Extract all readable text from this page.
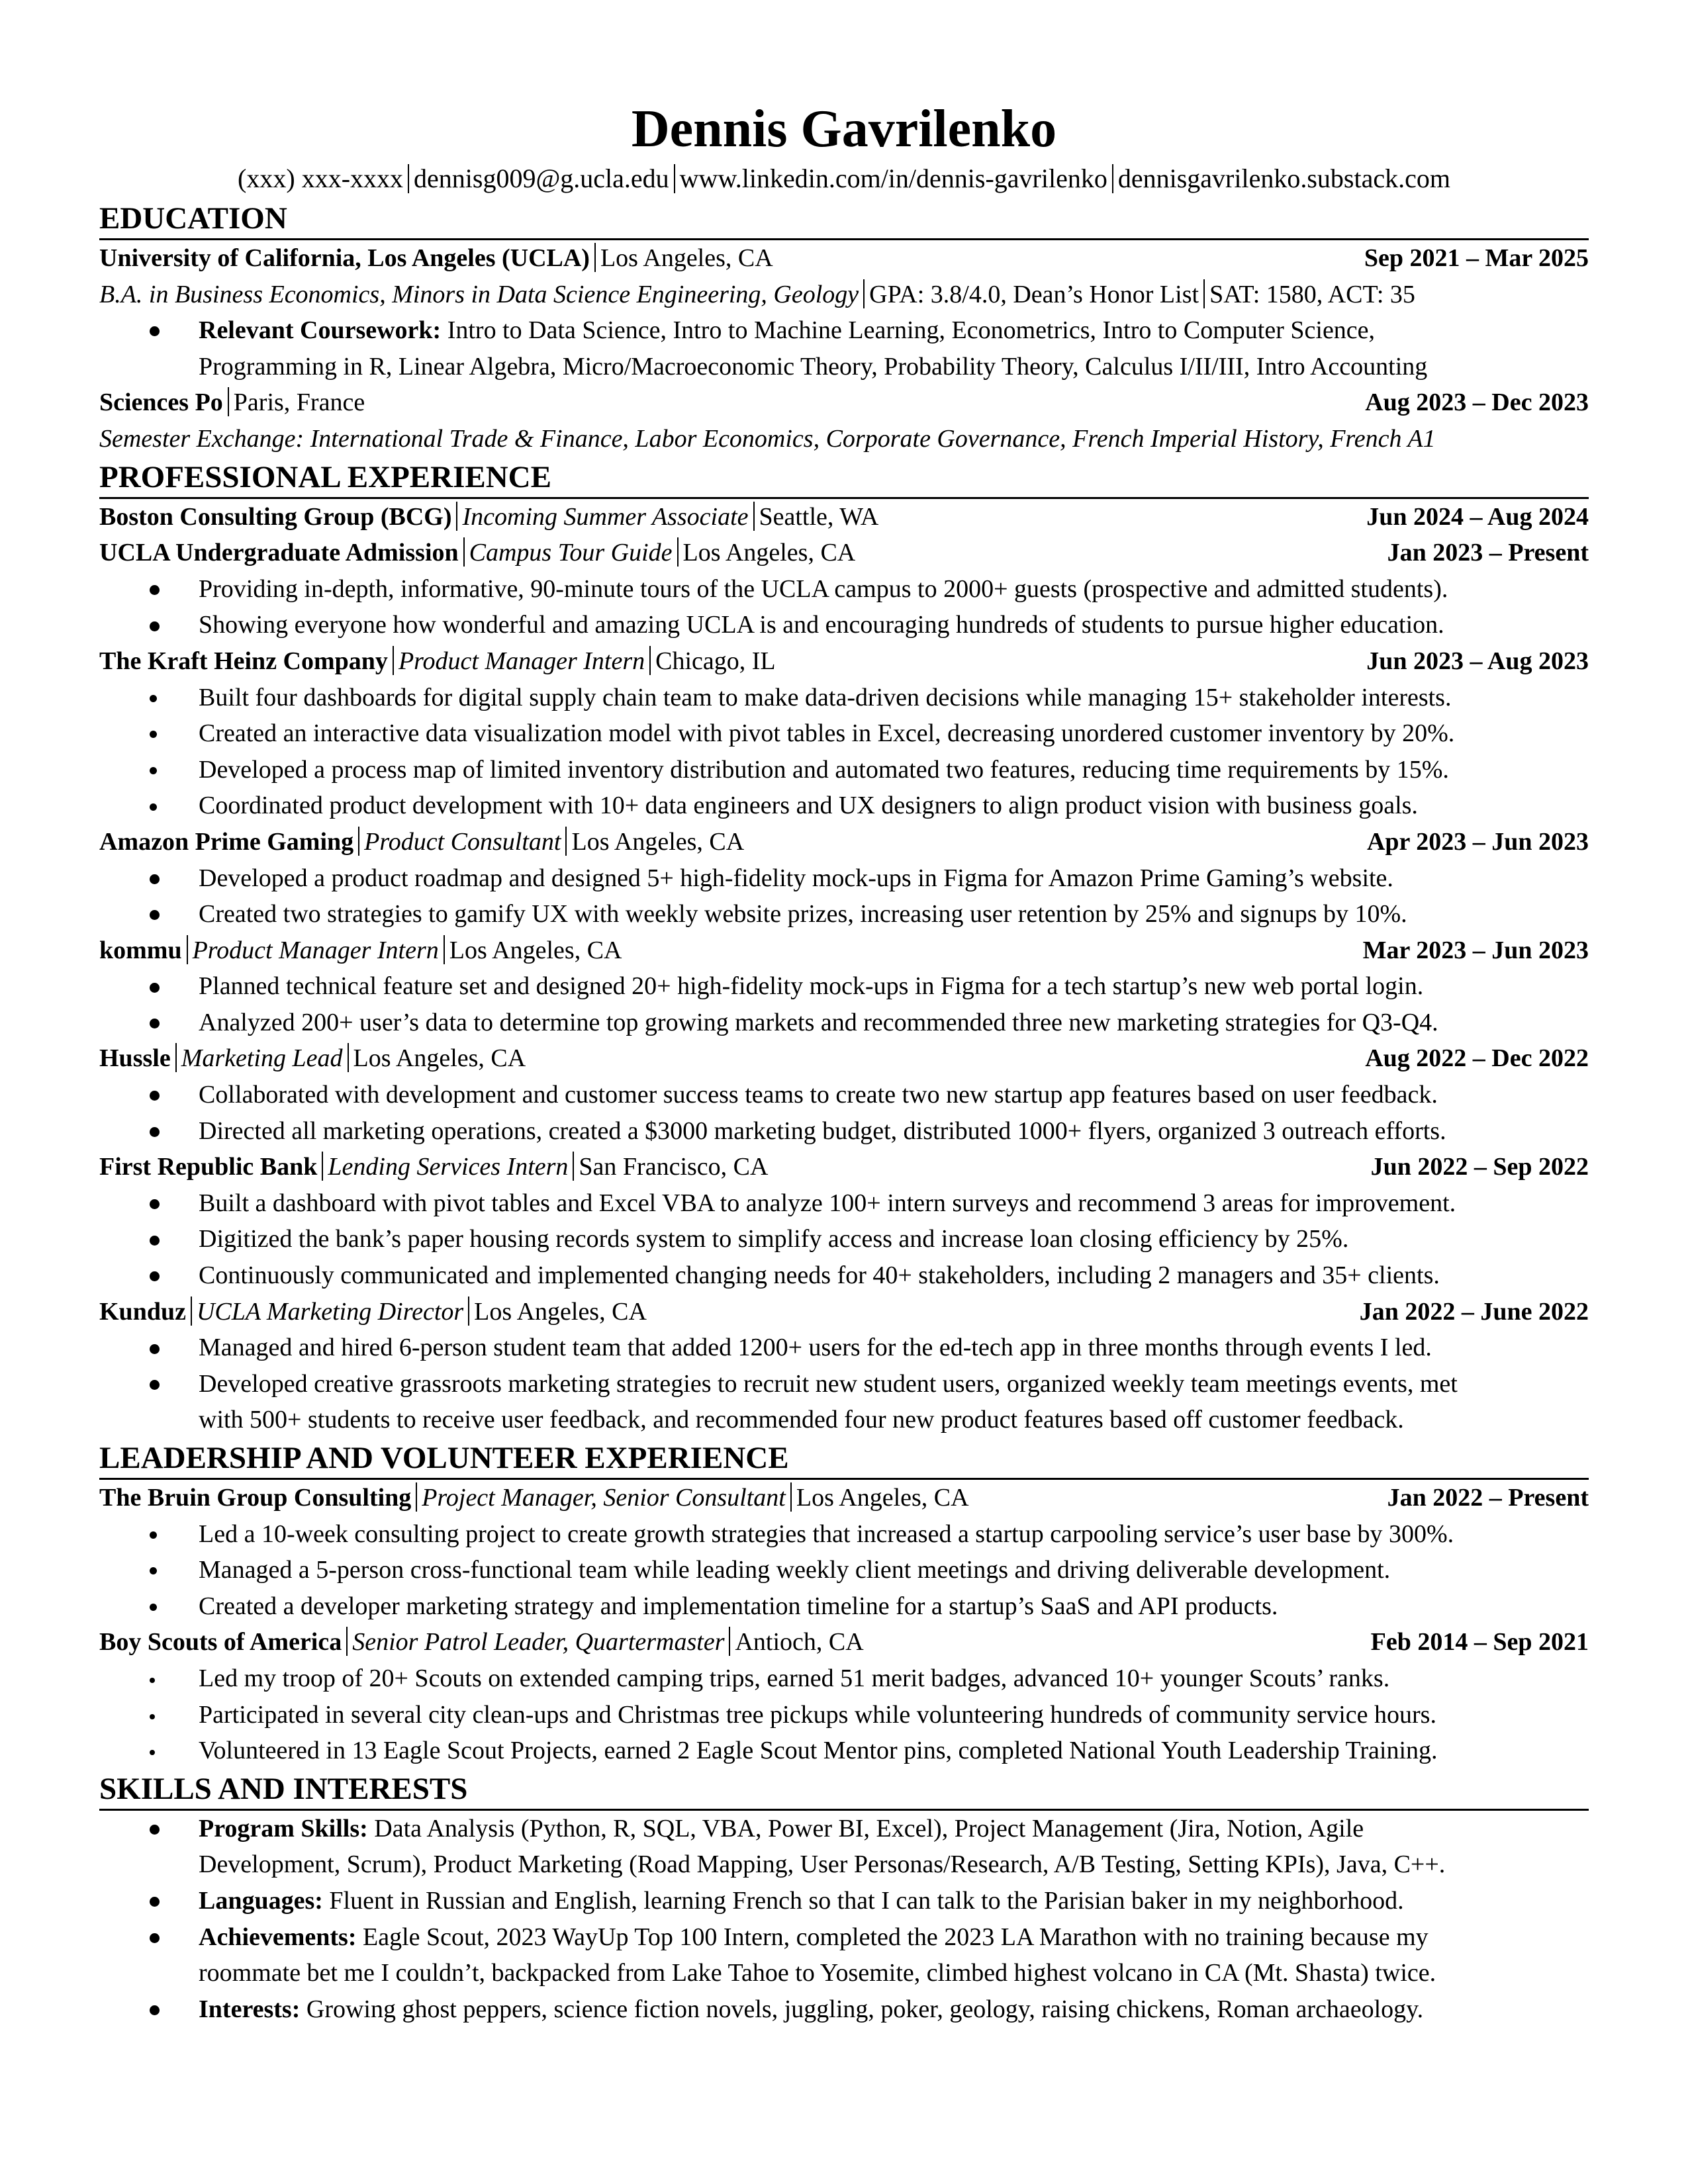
Dennis Gavrilenko
(xxx) xxx-xxxx dennisg009@g.ucla.edu www.linkedin.com/in/dennis-gavrilenko dennisgavrilenko.substack.com
EDUCATION
University of California, Los Angeles (UCLA) Los Angeles, CA	Sep 2021 – Mar 2025
B.A. in Business Economics, Minors in Data Science Engineering, Geology GPA: 3.8/4.0, Dean’s Honor List SAT: 1580, ACT: 35
Relevant Coursework: Intro to Data Science, Intro to Machine Learning, Econometrics, Intro to Computer Science,
Programming in R, Linear Algebra, Micro/Macroeconomic Theory, Probability Theory, Calculus I/II/III, Intro Accounting
Sciences Po Paris, France	Aug 2023 – Dec 2023
Semester Exchange: International Trade & Finance, Labor Economics, Corporate Governance, French Imperial History, French A1
PROFESSIONAL EXPERIENCE
Boston Consulting Group (BCG) Incoming Summer Associate Seattle, WA	Jun 2024 – Aug 2024
UCLA Undergraduate Admission Campus Tour Guide Los Angeles, CA	Jan 2023 – Present
Providing in-depth, informative, 90-minute tours of the UCLA campus to 2000+ guests (prospective and admitted students).
Showing everyone how wonderful and amazing UCLA is and encouraging hundreds of students to pursue higher education.
The Kraft Heinz Company Product Manager Intern Chicago, IL	Jun 2023 – Aug 2023
Built four dashboards for digital supply chain team to make data-driven decisions while managing 15+ stakeholder interests.
Created an interactive data visualization model with pivot tables in Excel, decreasing unordered customer inventory by 20%.
Developed a process map of limited inventory distribution and automated two features, reducing time requirements by 15%.
Coordinated product development with 10+ data engineers and UX designers to align product vision with business goals.
Amazon Prime Gaming Product Consultant Los Angeles, CA	Apr 2023 – Jun 2023
Developed a product roadmap and designed 5+ high-fidelity mock-ups in Figma for Amazon Prime Gaming’s website.
Created two strategies to gamify UX with weekly website prizes, increasing user retention by 25% and signups by 10%.
kommu Product Manager Intern Los Angeles, CA	Mar 2023 – Jun 2023
Planned technical feature set and designed 20+ high-fidelity mock-ups in Figma for a tech startup’s new web portal login.
Analyzed 200+ user’s data to determine top growing markets and recommended three new marketing strategies for Q3-Q4.
Hussle Marketing Lead Los Angeles, CA	Aug 2022 – Dec 2022
Collaborated with development and customer success teams to create two new startup app features based on user feedback.
Directed all marketing operations, created a $3000 marketing budget, distributed 1000+ flyers, organized 3 outreach efforts.
First Republic Bank Lending Services Intern San Francisco, CA	Jun 2022 – Sep 2022
Built a dashboard with pivot tables and Excel VBA to analyze 100+ intern surveys and recommend 3 areas for improvement.
Digitized the bank’s paper housing records system to simplify access and increase loan closing efficiency by 25%.
Continuously communicated and implemented changing needs for 40+ stakeholders, including 2 managers and 35+ clients.
Kunduz UCLA Marketing Director Los Angeles, CA	Jan 2022 – June 2022
Managed and hired 6-person student team that added 1200+ users for the ed-tech app in three months through events I led.
Developed creative grassroots marketing strategies to recruit new student users, organized weekly team meetings events, met
with 500+ students to receive user feedback, and recommended four new product features based off customer feedback.
LEADERSHIP AND VOLUNTEER EXPERIENCE
The Bruin Group Consulting Project Manager, Senior Consultant Los Angeles, CA	Jan 2022 – Present
Led a 10-week consulting project to create growth strategies that increased a startup carpooling service’s user base by 300%.
Managed a 5-person cross-functional team while leading weekly client meetings and driving deliverable development.
Created a developer marketing strategy and implementation timeline for a startup’s SaaS and API products.
Boy Scouts of America Senior Patrol Leader, Quartermaster Antioch, CA	Feb 2014 – Sep 2021
Led my troop of 20+ Scouts on extended camping trips, earned 51 merit badges, advanced 10+ younger Scouts’ ranks.
Participated in several city clean-ups and Christmas tree pickups while volunteering hundreds of community service hours.
Volunteered in 13 Eagle Scout Projects, earned 2 Eagle Scout Mentor pins, completed National Youth Leadership Training.
SKILLS AND INTERESTS
Program Skills: Data Analysis (Python, R, SQL, VBA, Power BI, Excel), Project Management (Jira, Notion, Agile
Development, Scrum), Product Marketing (Road Mapping, User Personas/Research, A/B Testing, Setting KPIs), Java, C++.
Languages: Fluent in Russian and English, learning French so that I can talk to the Parisian baker in my neighborhood.
Achievements: Eagle Scout, 2023 WayUp Top 100 Intern, completed the 2023 LA Marathon with no training because my
roommate bet me I couldn’t, backpacked from Lake Tahoe to Yosemite, climbed highest volcano in CA (Mt. Shasta) twice.
Interests: Growing ghost peppers, science fiction novels, juggling, poker, geology, raising chickens, Roman archaeology.
